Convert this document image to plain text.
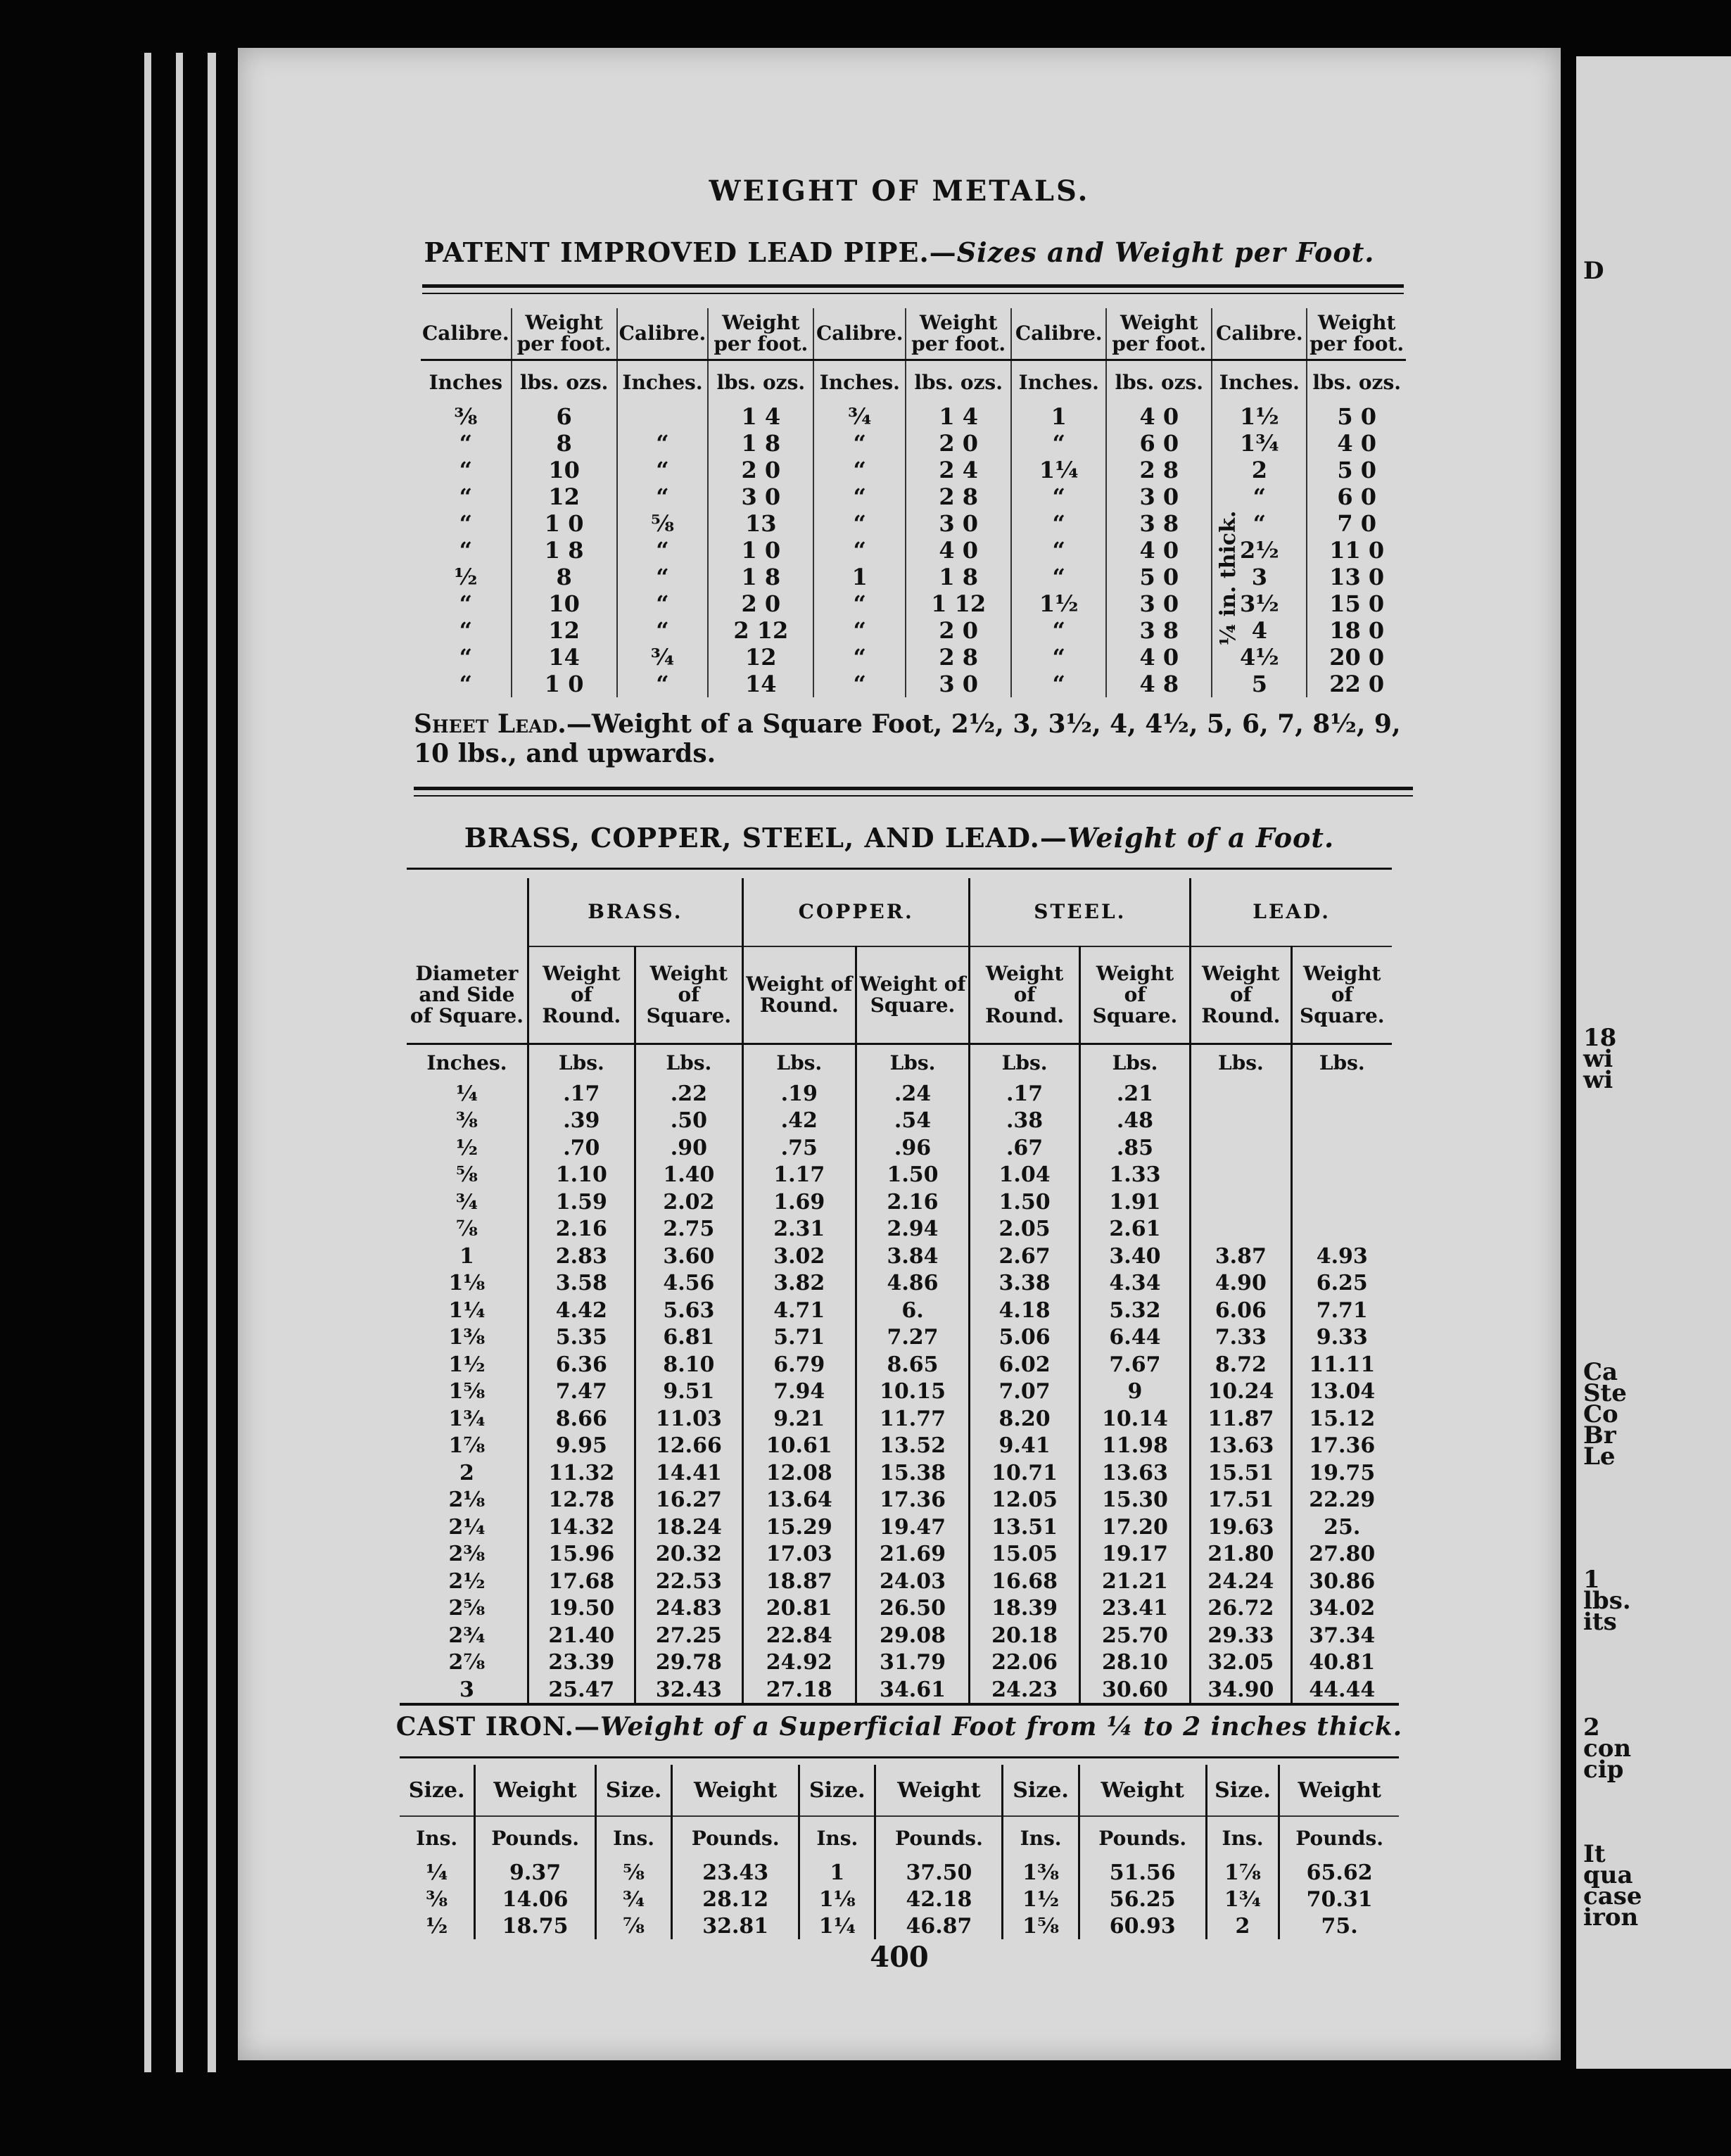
D
18
wi
wi
Ca
Ste
Co
Br
Le
1
lbs.
its
2
con
cip
It
qua
case
iron
WEIGHT OF METALS.
PATENT IMPROVED LEAD PIPE.—Sizes and Weight per Foot.
Calibre.	Weight per foot.	Calibre.	Weight per foot.	Calibre.	Weight per foot.	Calibre.	Weight per foot.	Calibre.	Weight per foot.
Inches	lbs. ozs.	Inches.	lbs. ozs.	Inches.	lbs. ozs.	Inches.	lbs. ozs.	Inches.	lbs. ozs.
⅜	6		1 4	¾	1 4	1	4 0	1½	5 0
“	8	“	1 8	“	2 0	“	6 0	1¾	4 0
“	10	“	2 0	“	2 4	1¼	2 8	2	5 0
“	12	“	3 0	“	2 8	“	3 0	“	6 0
“	1 0	⅝	13	“	3 0	“	3 8	“	7 0
“	1 8	“	1 0	“	4 0	“	4 0	2½	11 0
½	8	“	1 8	1	1 8	“	5 0	3	13 0
“	10	“	2 0	“	1 12	1½	3 0	3½	15 0
“	12	“	2 12	“	2 0	“	3 8	4	18 0
“	14	¾	12	“	2 8	“	4 0	4½	20 0
“	1 0	“	14	“	3 0	“	4 8	5	22 0
¼ in. thick.
Sheet Lead.—Weight of a Square Foot, 2½, 3, 3½, 4, 4½, 5, 6, 7, 8½, 9, 10 lbs., and upwards.
BRASS, COPPER, STEEL, AND LEAD.—Weight of a Foot.
	BRASS.		COPPER.		STEEL.		LEAD.	
Diameter and Side of Square.	Weight of Round.	Weight of Square.	Weight of Round.	Weight of Square.	Weight of Round.	Weight of Square.	Weight of Round.	Weight of Square.
Inches.	Lbs.	Lbs.	Lbs.	Lbs.	Lbs.	Lbs.	Lbs.	Lbs.
¼	.17	.22	.19	.24	.17	.21		
⅜	.39	.50	.42	.54	.38	.48		
½	.70	.90	.75	.96	.67	.85		
⅝	1.10	1.40	1.17	1.50	1.04	1.33		
¾	1.59	2.02	1.69	2.16	1.50	1.91		
⅞	2.16	2.75	2.31	2.94	2.05	2.61		
1	2.83	3.60	3.02	3.84	2.67	3.40	3.87	4.93
1⅛	3.58	4.56	3.82	4.86	3.38	4.34	4.90	6.25
1¼	4.42	5.63	4.71	6.	4.18	5.32	6.06	7.71
1⅜	5.35	6.81	5.71	7.27	5.06	6.44	7.33	9.33
1½	6.36	8.10	6.79	8.65	6.02	7.67	8.72	11.11
1⅝	7.47	9.51	7.94	10.15	7.07	9	10.24	13.04
1¾	8.66	11.03	9.21	11.77	8.20	10.14	11.87	15.12
1⅞	9.95	12.66	10.61	13.52	9.41	11.98	13.63	17.36
2	11.32	14.41	12.08	15.38	10.71	13.63	15.51	19.75
2⅛	12.78	16.27	13.64	17.36	12.05	15.30	17.51	22.29
2¼	14.32	18.24	15.29	19.47	13.51	17.20	19.63	25.
2⅜	15.96	20.32	17.03	21.69	15.05	19.17	21.80	27.80
2½	17.68	22.53	18.87	24.03	16.68	21.21	24.24	30.86
2⅝	19.50	24.83	20.81	26.50	18.39	23.41	26.72	34.02
2¾	21.40	27.25	22.84	29.08	20.18	25.70	29.33	37.34
2⅞	23.39	29.78	24.92	31.79	22.06	28.10	32.05	40.81
3	25.47	32.43	27.18	34.61	24.23	30.60	34.90	44.44
CAST IRON.—Weight of a Superficial Foot from ¼ to 2 inches thick.
Size.	Weight	Size.	Weight	Size.	Weight	Size.	Weight	Size.	Weight
Ins.	Pounds.	Ins.	Pounds.	Ins.	Pounds.	Ins.	Pounds.	Ins.	Pounds.
¼	9.37	⅝	23.43	1	37.50	1⅜	51.56	1⅞	65.62
⅜	14.06	¾	28.12	1⅛	42.18	1½	56.25	1¾	70.31
½	18.75	⅞	32.81	1¼	46.87	1⅝	60.93	2	75.
400
